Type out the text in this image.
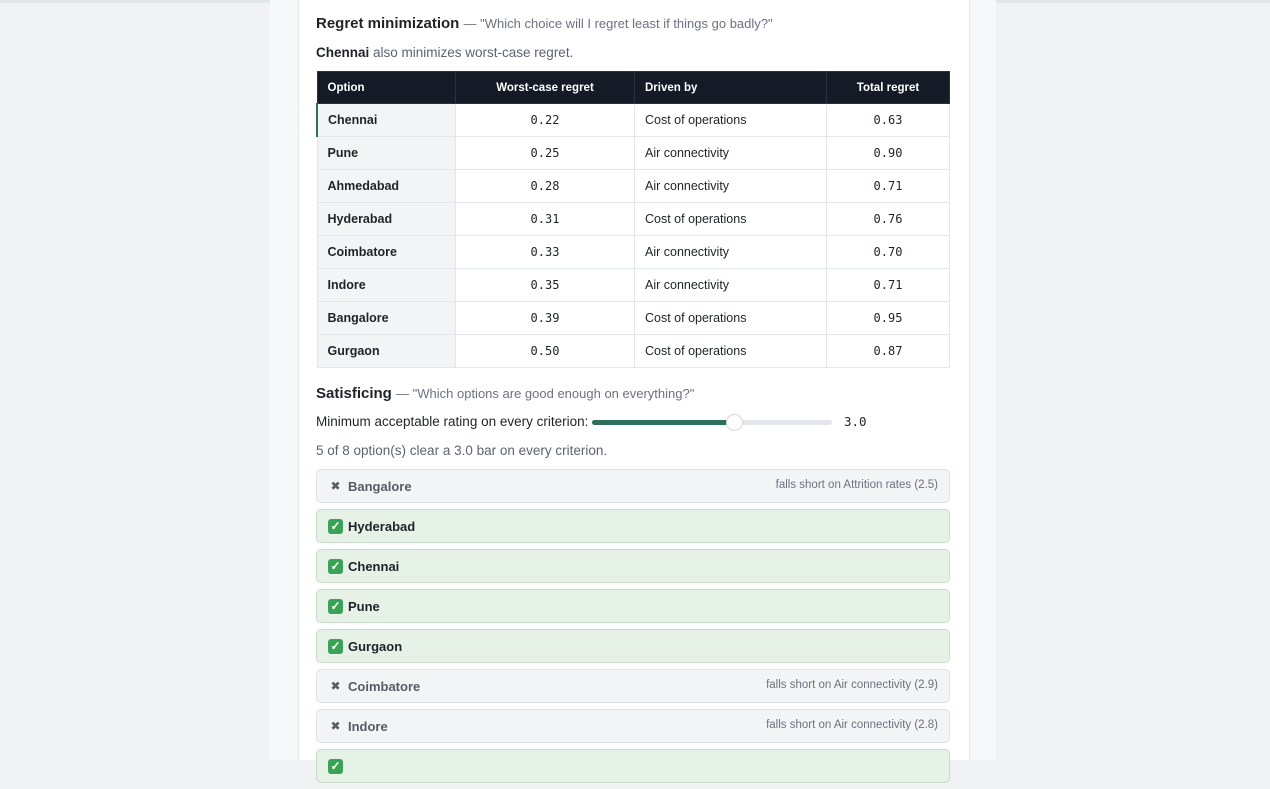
Regret minimization — "Which choice will I regret least if things go badly?"
Chennai also minimizes worst-case regret.
Option	Worst-case regret	Driven by	Total regret
Chennai	0.22	Cost of operations	0.63
Pune	0.25	Air connectivity	0.90
Ahmedabad	0.28	Air connectivity	0.71
Hyderabad	0.31	Cost of operations	0.76
Coimbatore	0.33	Air connectivity	0.70
Indore	0.35	Air connectivity	0.71
Bangalore	0.39	Cost of operations	0.95
Gurgaon	0.50	Cost of operations	0.87
Satisficing — "Which options are good enough on everything?"
Minimum acceptable rating on every criterion:	3.0
5 of 8 option(s) clear a 3.0 bar on every criterion.
✖ Bangalore	falls short on Attrition rates (2.5)
✓ Hyderabad
✓ Chennai
✓ Pune
✓ Gurgaon
✖ Coimbatore	falls short on Air connectivity (2.9)
✖ Indore	falls short on Air connectivity (2.8)
✓
